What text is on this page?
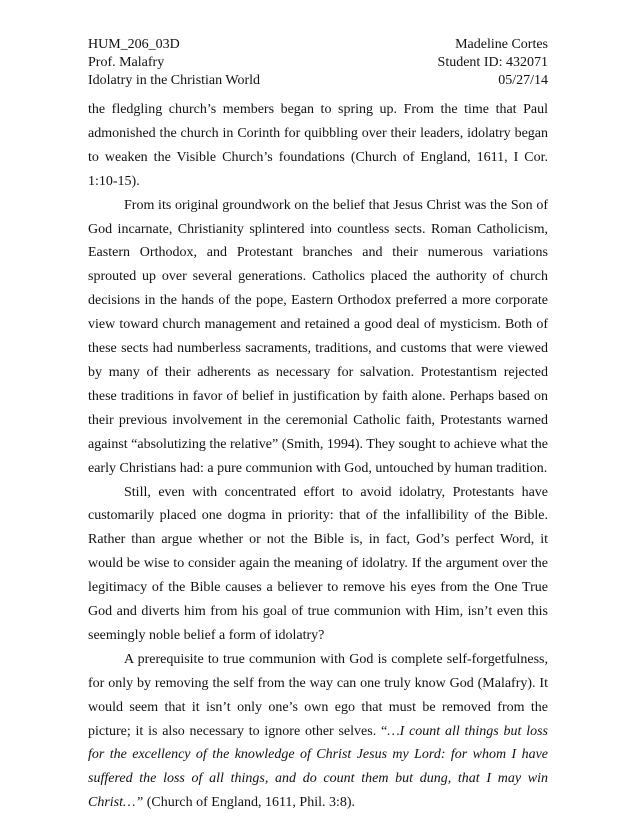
HUM_206_03D	Madeline Cortes
Prof. Malafry	Student ID: 432071
Idolatry in the Christian World	05/27/14

the fledgling church’s members began to spring up. From the time that Paul admonished the church in Corinth for quibbling over their leaders, idolatry began to weaken the Visible Church’s foundations (Church of England, 1611, I Cor. 1:10-15).

From its original groundwork on the belief that Jesus Christ was the Son of God incarnate, Christianity splintered into countless sects. Roman Catholicism, Eastern Orthodox, and Protestant branches and their numerous variations sprouted up over several generations. Catholics placed the authority of church decisions in the hands of the pope, Eastern Orthodox preferred a more corporate view toward church management and retained a good deal of mysticism. Both of these sects had numberless sacraments, traditions, and customs that were viewed by many of their adherents as necessary for salvation. Protestantism rejected these traditions in favor of belief in justification by faith alone. Perhaps based on their previous involvement in the ceremonial Catholic faith, Protestants warned against “absolutizing the relative” (Smith, 1994). They sought to achieve what the early Christians had: a pure communion with God, untouched by human tradition.

Still, even with concentrated effort to avoid idolatry, Protestants have customarily placed one dogma in priority: that of the infallibility of the Bible. Rather than argue whether or not the Bible is, in fact, God’s perfect Word, it would be wise to consider again the meaning of idolatry. If the argument over the legitimacy of the Bible causes a believer to remove his eyes from the One True God and diverts him from his goal of true communion with Him, isn’t even this seemingly noble belief a form of idolatry?

A prerequisite to true communion with God is complete self-forgetfulness, for only by removing the self from the way can one truly know God (Malafry). It would seem that it isn’t only one’s own ego that must be removed from the picture; it is also necessary to ignore other selves. “…I count all things but loss for the excellency of the knowledge of Christ Jesus my Lord: for whom I have suffered the loss of all things, and do count them but dung, that I may win Christ…” (Church of England, 1611, Phil. 3:8).
